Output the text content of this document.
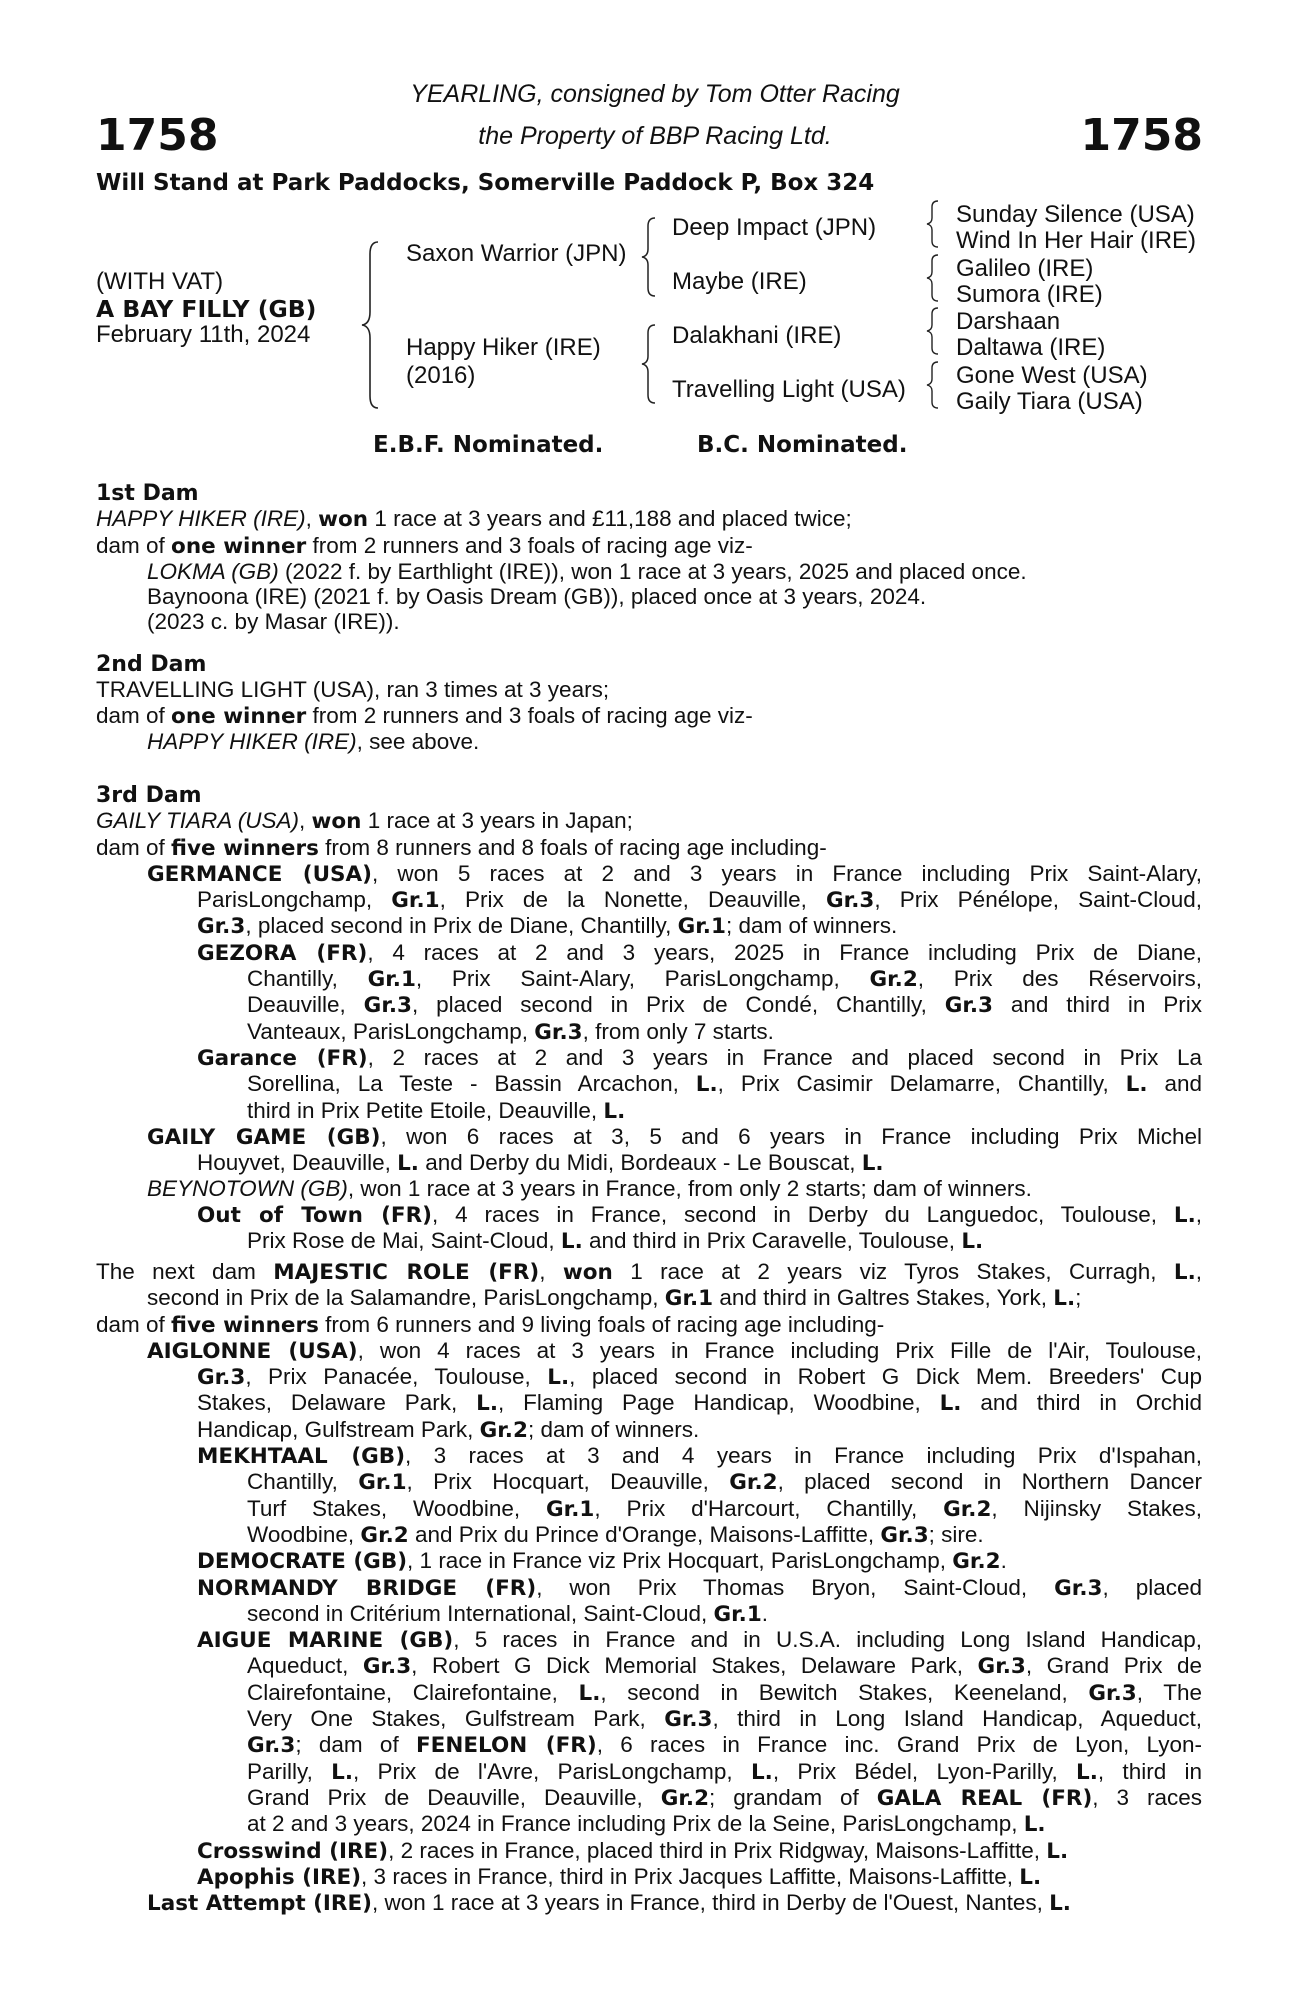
1758	1758
YEARLING, consigned by Tom Otter Racing
the Property of BBP Racing Ltd.
Will Stand at Park Paddocks, Somerville Paddock P, Box 324
(WITH VAT)
A BAY FILLY (GB)
February 11th, 2024
Saxon Warrior (JPN)
Happy Hiker (IRE)
(2016)
Deep Impact (JPN)
Maybe (IRE)
Dalakhani (IRE)
Travelling Light (USA)
Sunday Silence (USA)
Wind In Her Hair (IRE)
Galileo (IRE)
Sumora (IRE)
Darshaan
Daltawa (IRE)
Gone West (USA)
Gaily Tiara (USA)
E.B.F. Nominated.	B.C. Nominated.
1st Dam
HAPPY HIKER (IRE), won 1 race at 3 years and £11,188 and placed twice;
dam of one winner from 2 runners and 3 foals of racing age viz-
LOKMA (GB) (2022 f. by Earthlight (IRE)), won 1 race at 3 years, 2025 and placed once.
Baynoona (IRE) (2021 f. by Oasis Dream (GB)), placed once at 3 years, 2024.
(2023 c. by Masar (IRE)).
2nd Dam
TRAVELLING LIGHT (USA), ran 3 times at 3 years;
dam of one winner from 2 runners and 3 foals of racing age viz-
HAPPY HIKER (IRE), see above.
3rd Dam
GAILY TIARA (USA), won 1 race at 3 years in Japan;
dam of five winners from 8 runners and 8 foals of racing age including-
GERMANCE (USA), won 5 races at 2 and 3 years in France including Prix Saint-Alary,
ParisLongchamp, Gr.1, Prix de la Nonette, Deauville, Gr.3, Prix Pénélope, Saint-Cloud,
Gr.3, placed second in Prix de Diane, Chantilly, Gr.1; dam of winners.
GEZORA (FR), 4 races at 2 and 3 years, 2025 in France including Prix de Diane,
Chantilly, Gr.1, Prix Saint-Alary, ParisLongchamp, Gr.2, Prix des Réservoirs,
Deauville, Gr.3, placed second in Prix de Condé, Chantilly, Gr.3 and third in Prix
Vanteaux, ParisLongchamp, Gr.3, from only 7 starts.
Garance (FR), 2 races at 2 and 3 years in France and placed second in Prix La
Sorellina, La Teste - Bassin Arcachon, L., Prix Casimir Delamarre, Chantilly, L. and
third in Prix Petite Etoile, Deauville, L.
GAILY GAME (GB), won 6 races at 3, 5 and 6 years in France including Prix Michel
Houyvet, Deauville, L. and Derby du Midi, Bordeaux - Le Bouscat, L.
BEYNOTOWN (GB), won 1 race at 3 years in France, from only 2 starts; dam of winners.
Out of Town (FR), 4 races in France, second in Derby du Languedoc, Toulouse, L.,
Prix Rose de Mai, Saint-Cloud, L. and third in Prix Caravelle, Toulouse, L.
The next dam MAJESTIC ROLE (FR), won 1 race at 2 years viz Tyros Stakes, Curragh, L.,
second in Prix de la Salamandre, ParisLongchamp, Gr.1 and third in Galtres Stakes, York, L.;
dam of five winners from 6 runners and 9 living foals of racing age including-
AIGLONNE (USA), won 4 races at 3 years in France including Prix Fille de l'Air, Toulouse,
Gr.3, Prix Panacée, Toulouse, L., placed second in Robert G Dick Mem. Breeders' Cup
Stakes, Delaware Park, L., Flaming Page Handicap, Woodbine, L. and third in Orchid
Handicap, Gulfstream Park, Gr.2; dam of winners.
MEKHTAAL (GB), 3 races at 3 and 4 years in France including Prix d'Ispahan,
Chantilly, Gr.1, Prix Hocquart, Deauville, Gr.2, placed second in Northern Dancer
Turf Stakes, Woodbine, Gr.1, Prix d'Harcourt, Chantilly, Gr.2, Nijinsky Stakes,
Woodbine, Gr.2 and Prix du Prince d'Orange, Maisons-Laffitte, Gr.3; sire.
DEMOCRATE (GB), 1 race in France viz Prix Hocquart, ParisLongchamp, Gr.2.
NORMANDY BRIDGE (FR), won Prix Thomas Bryon, Saint-Cloud, Gr.3, placed
second in Critérium International, Saint-Cloud, Gr.1.
AIGUE MARINE (GB), 5 races in France and in U.S.A. including Long Island Handicap,
Aqueduct, Gr.3, Robert G Dick Memorial Stakes, Delaware Park, Gr.3, Grand Prix de
Clairefontaine, Clairefontaine, L., second in Bewitch Stakes, Keeneland, Gr.3, The
Very One Stakes, Gulfstream Park, Gr.3, third in Long Island Handicap, Aqueduct,
Gr.3; dam of FENELON (FR), 6 races in France inc. Grand Prix de Lyon, Lyon-
Parilly, L., Prix de l'Avre, ParisLongchamp, L., Prix Bédel, Lyon-Parilly, L., third in
Grand Prix de Deauville, Deauville, Gr.2; grandam of GALA REAL (FR), 3 races
at 2 and 3 years, 2024 in France including Prix de la Seine, ParisLongchamp, L.
Crosswind (IRE), 2 races in France, placed third in Prix Ridgway, Maisons-Laffitte, L.
Apophis (IRE), 3 races in France, third in Prix Jacques Laffitte, Maisons-Laffitte, L.
Last Attempt (IRE), won 1 race at 3 years in France, third in Derby de l'Ouest, Nantes, L.
